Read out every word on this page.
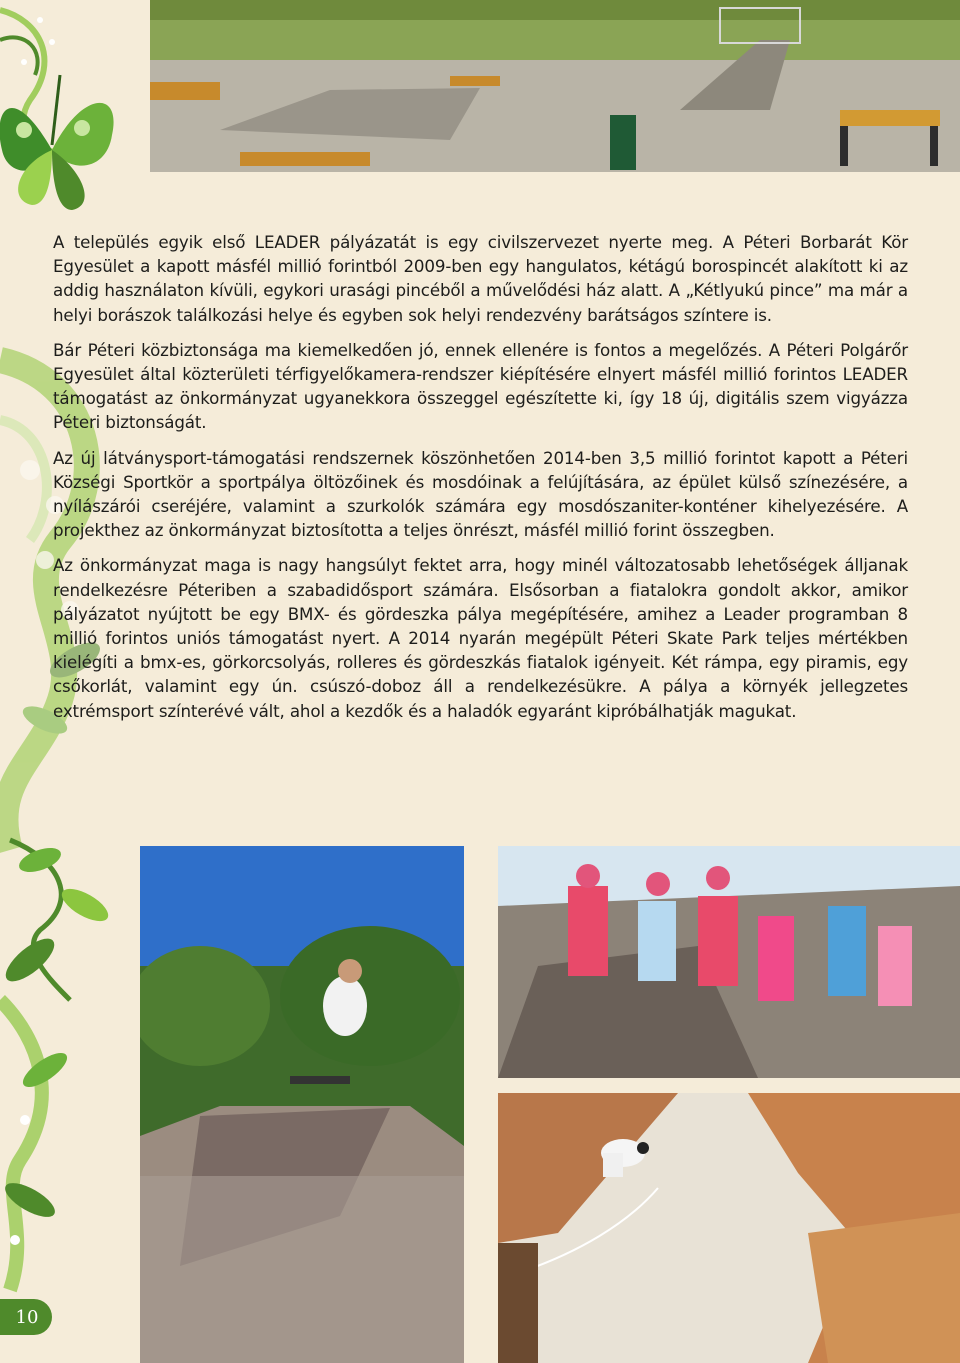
A település egyik első LEADER pályázatát is egy civilszervezet nyerte meg. A Péteri Borbarát Kör Egyesület a kapott másfél millió forintból 2009-ben egy hangulatos, kétágú borospincét alakított ki az addig használaton kívüli, egykori urasági pincéből a művelődési ház alatt. A „Kétlyukú pince” ma már a helyi borászok találkozási helye és egyben sok helyi rendezvény barátságos színtere is.

Bár Péteri közbiztonsága ma kiemelkedően jó, ennek ellenére is fontos a megelőzés. A Péteri Polgárőr Egyesület által közterületi térfigyelőkamera-rendszer kiépítésére elnyert másfél millió forintos LEADER támogatást az önkormányzat ugyanekkora összeggel egészítette ki, így 18 új, digitális szem vigyázza Péteri biztonságát.

Az új látványsport-támogatási rendszernek köszönhetően 2014-ben 3,5 millió forintot kapott a Péteri Községi Sportkör a sportpálya öltözőinek és mosdóinak a felújítására, az épület külső színezésére, a nyílászárói cseréjére, valamint a szurkolók számára egy mosdószaniter-konténer kihelyezésére. A projekthez az önkormányzat biztosította a teljes önrészt, másfél millió forint összegben.

Az önkormányzat maga is nagy hangsúlyt fektet arra, hogy minél változatosabb lehetőségek álljanak rendelkezésre Péteriben a szabadidősport számára. Elsősorban a fiatalokra gondolt akkor, amikor pályázatot nyújtott be egy BMX- és gördeszka pálya megépítésére, amihez a Leader programban 8 millió forintos uniós támogatást nyert. A 2014 nyarán megépült Péteri Skate Park teljes mértékben kielégíti a bmx-es, görkorcsolyás, rolleres és gördeszkás fiatalok igényeit. Két rámpa, egy piramis, egy csőkorlát, valamint egy ún. csúszó-doboz áll a rendelkezésükre. A pálya a környék jellegzetes extrémsport színterévé vált, ahol a kezdők és a haladók egyaránt kipróbálhatják magukat.

10
